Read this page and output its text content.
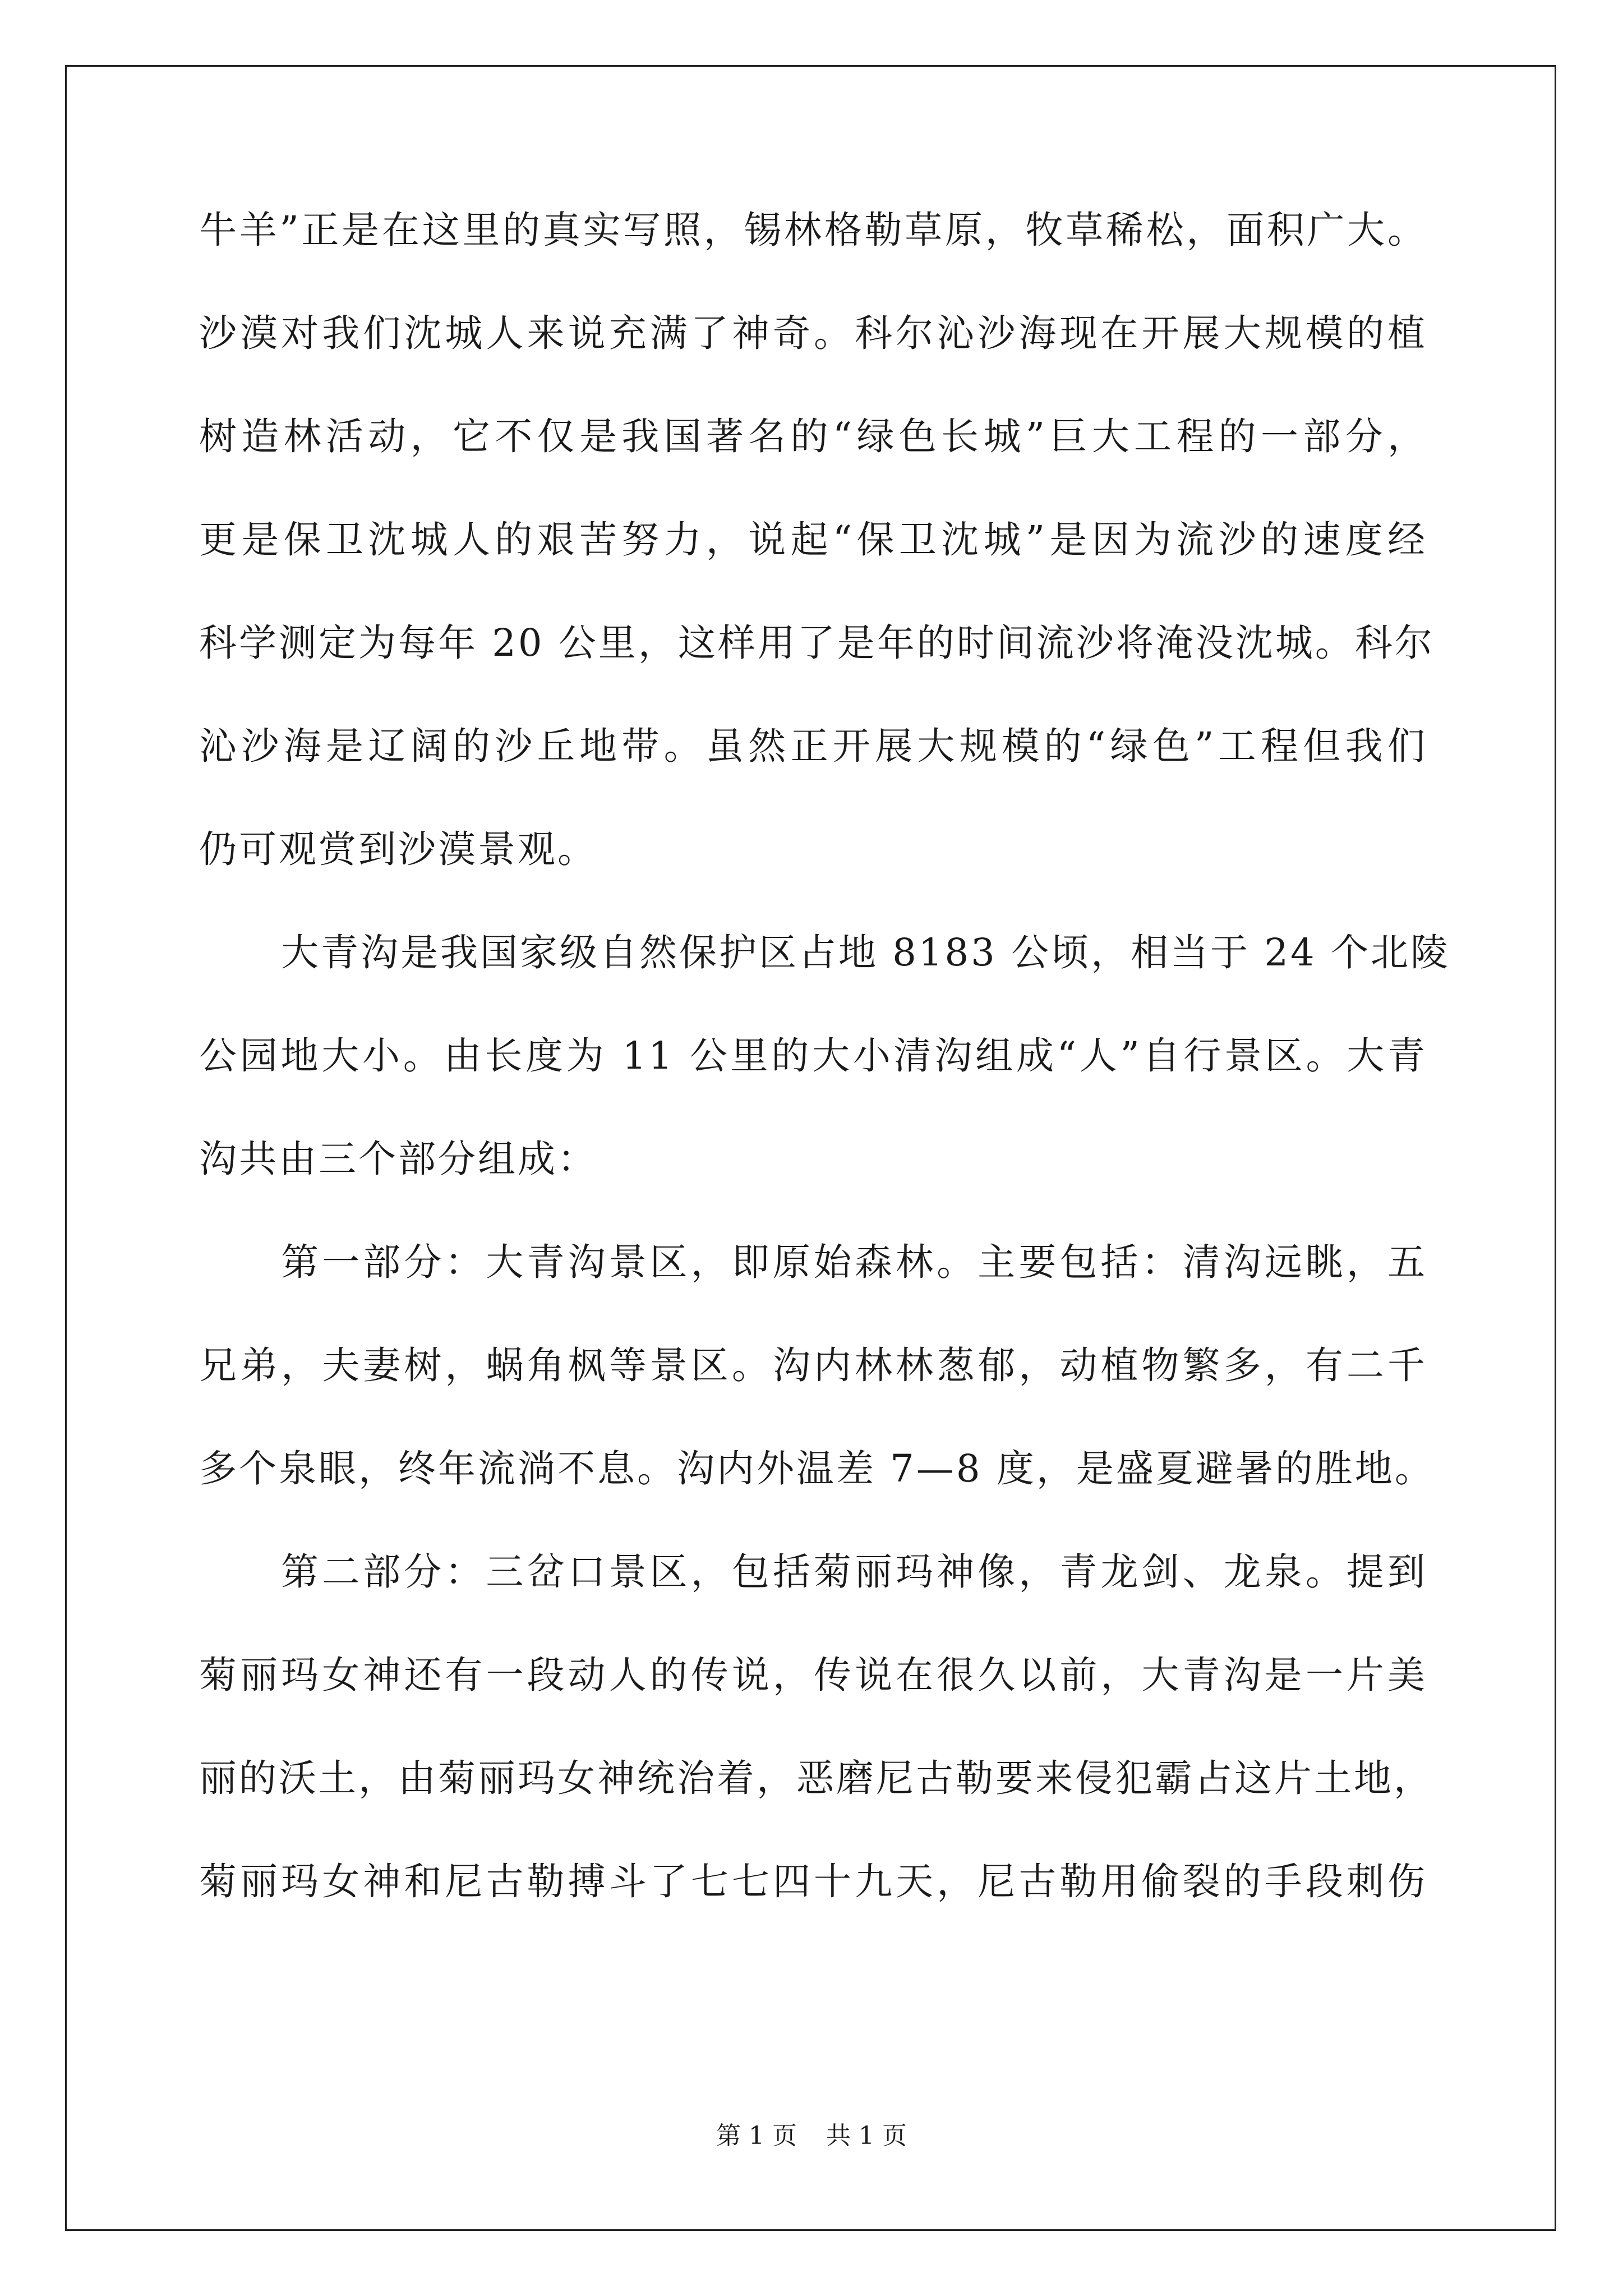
牛羊”正是在这里的真实写照，锡林格勒草原，牧草稀松，面积广大。
沙漠对我们沈城人来说充满了神奇。科尔沁沙海现在开展大规模的植
树造林活动，它不仅是我国著名的“绿色长城”巨大工程的一部分，
更是保卫沈城人的艰苦努力，说起“保卫沈城”是因为流沙的速度经
科学测定为每年 20 公里，这样用了是年的时间流沙将淹没沈城。科尔
沁沙海是辽阔的沙丘地带。虽然正开展大规模的“绿色”工程但我们
仍可观赏到沙漠景观。
大青沟是我国家级自然保护区占地 8183 公顷，相当于 24 个北陵
公园地大小。由长度为 11 公里的大小清沟组成“人”自行景区。大青
沟共由三个部分组成：
第一部分：大青沟景区，即原始森林。主要包括：清沟远眺，五
兄弟，夫妻树，蜗角枫等景区。沟内林林葱郁，动植物繁多，有二千
多个泉眼，终年流淌不息。沟内外温差 7—8 度，是盛夏避暑的胜地。
第二部分：三岔口景区，包括菊丽玛神像，青龙剑、龙泉。提到
菊丽玛女神还有一段动人的传说，传说在很久以前，大青沟是一片美
丽的沃土，由菊丽玛女神统治着，恶磨尼古勒要来侵犯霸占这片土地，
菊丽玛女神和尼古勒搏斗了七七四十九天，尼古勒用偷裂的手段刺伤
第 1 页 共 1 页
